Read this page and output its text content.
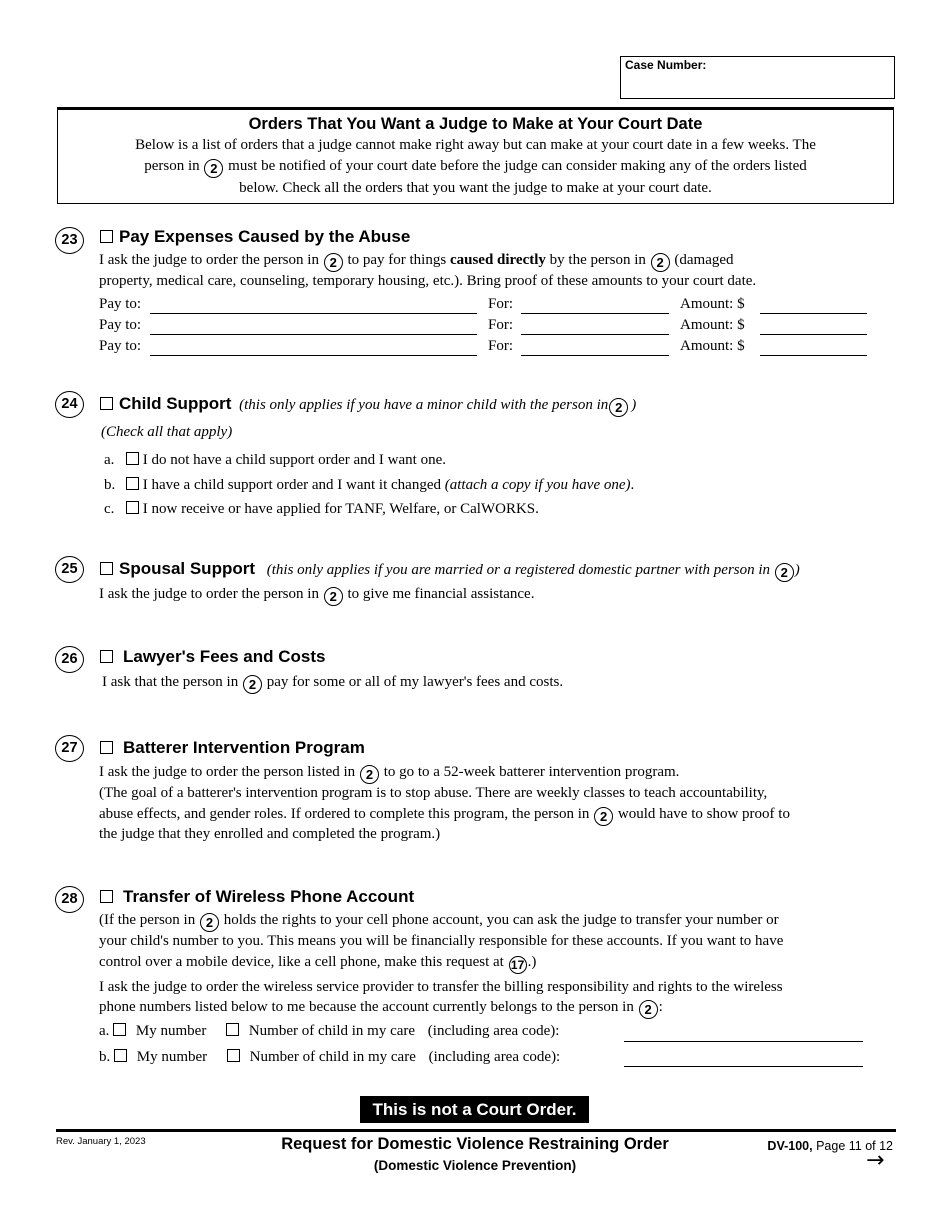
Case Number:
Orders That You Want a Judge to Make at Your Court Date
Below is a list of orders that a judge cannot make right away but can make at your court date in a few weeks. The
person in 2 must be notified of your court date before the judge can consider making any of the orders listed
below. Check all the orders that you want the judge to make at your court date.
23	Pay Expenses Caused by the Abuse
I ask the judge to order the person in 2 to pay for things caused directly by the person in 2 (damaged
property, medical care, counseling, temporary housing, etc.). Bring proof of these amounts to your court date.
Pay to:	For:	Amount: $
Pay to:	For:	Amount: $
Pay to:	For:	Amount: $
24	Child Support (this only applies if you have a minor child with the person in 2 )
(Check all that apply)
a. I do not have a child support order and I want one.
b. I have a child support order and I want it changed (attach a copy if you have one).
c. I now receive or have applied for TANF, Welfare, or CalWORKS.
25	Spousal Support (this only applies if you are married or a registered domestic partner with person in 2 )
I ask the judge to order the person in 2 to give me financial assistance.
26	Lawyer's Fees and Costs
I ask that the person in 2 pay for some or all of my lawyer's fees and costs.
27	Batterer Intervention Program
I ask the judge to order the person listed in 2 to go to a 52-week batterer intervention program.
(The goal of a batterer's intervention program is to stop abuse. There are weekly classes to teach accountability,
abuse effects, and gender roles. If ordered to complete this program, the person in 2 would have to show proof to
the judge that they enrolled and completed the program.)
28	Transfer of Wireless Phone Account
(If the person in 2 holds the rights to your cell phone account, you can ask the judge to transfer your number or
your child's number to you. This means you will be financially responsible for these accounts. If you want to have
control over a mobile device, like a cell phone, make this request at 17 .)
I ask the judge to order the wireless service provider to transfer the billing responsibility and rights to the wireless
phone numbers listed below to me because the account currently belongs to the person in 2 :
a. My number	Number of child in my care (including area code):
b. My number	Number of child in my care (including area code):
This is not a Court Order.
Rev. January 1, 2023	Request for Domestic Violence Restraining Order
(Domestic Violence Prevention)
DV-100, Page 11 of 12
→
